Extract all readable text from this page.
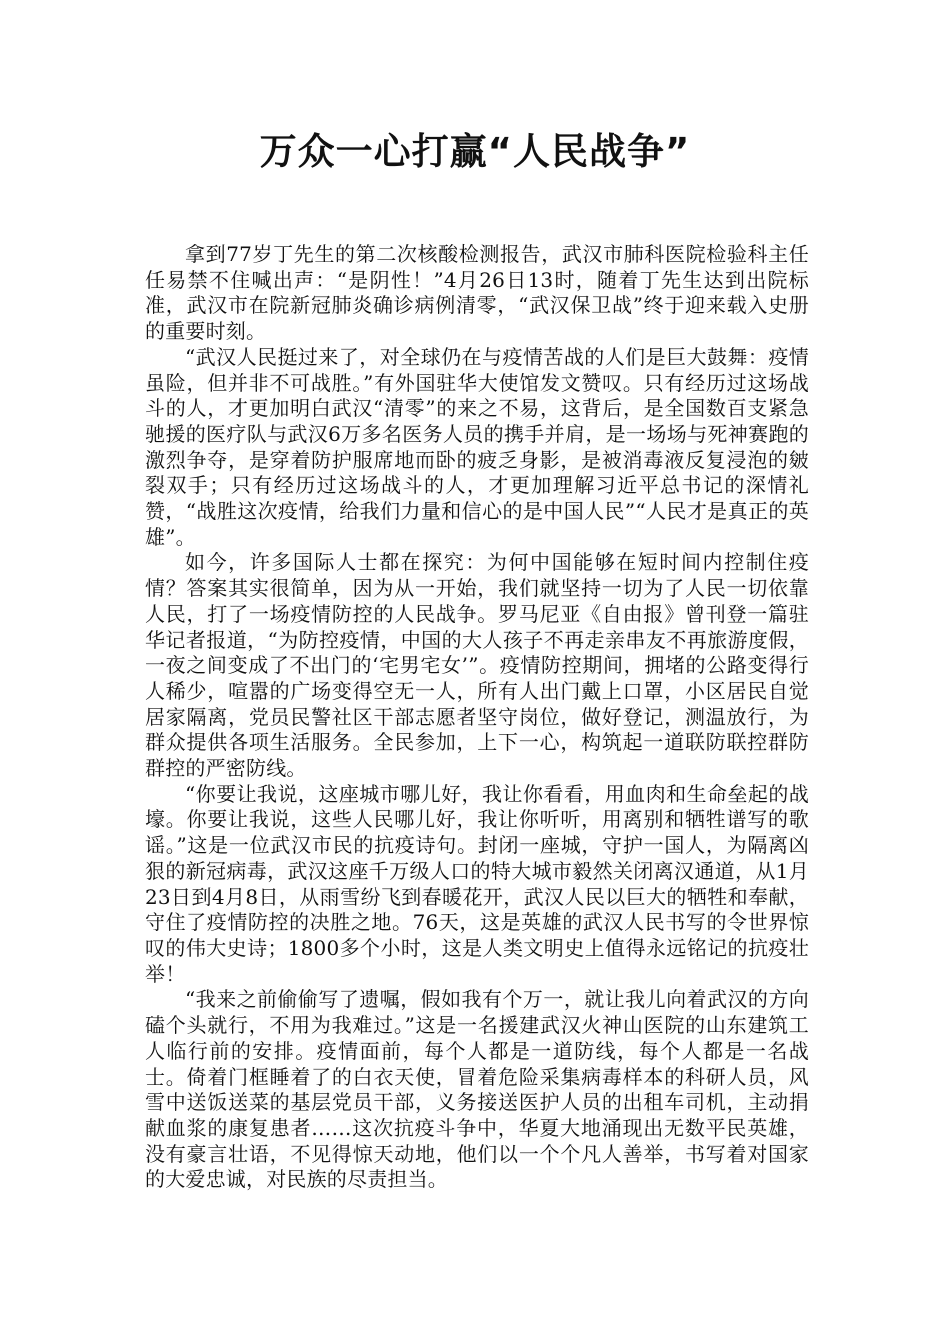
万众一心打赢“人民战争”

拿到77岁丁先生的第二次核酸检测报告，武汉市肺科医院检验科主任任易禁不住喊出声：“是阴性！”4月26日13时，随着丁先生达到出院标准，武汉市在院新冠肺炎确诊病例清零，“武汉保卫战”终于迎来载入史册的重要时刻。

“武汉人民挺过来了，对全球仍在与疫情苦战的人们是巨大鼓舞：疫情虽险，但并非不可战胜。”有外国驻华大使馆发文赞叹。只有经历过这场战斗的人，才更加明白武汉“清零”的来之不易，这背后，是全国数百支紧急驰援的医疗队与武汉6万多名医务人员的携手并肩，是一场场与死神赛跑的激烈争夺，是穿着防护服席地而卧的疲乏身影，是被消毒液反复浸泡的皴裂双手；只有经历过这场战斗的人，才更加理解习近平总书记的深情礼赞，“战胜这次疫情，给我们力量和信心的是中国人民”“人民才是真正的英雄”。

如今，许多国际人士都在探究：为何中国能够在短时间内控制住疫情？答案其实很简单，因为从一开始，我们就坚持一切为了人民一切依靠人民，打了一场疫情防控的人民战争。罗马尼亚《自由报》曾刊登一篇驻华记者报道，“为防控疫情，中国的大人孩子不再走亲串友不再旅游度假，一夜之间变成了不出门的‘宅男宅女’”。疫情防控期间，拥堵的公路变得行人稀少，喧嚣的广场变得空无一人，所有人出门戴上口罩，小区居民自觉居家隔离，党员民警社区干部志愿者坚守岗位，做好登记，测温放行，为群众提供各项生活服务。全民参加，上下一心，构筑起一道联防联控群防群控的严密防线。

“你要让我说，这座城市哪儿好，我让你看看，用血肉和生命垒起的战壕。你要让我说，这些人民哪儿好，我让你听听，用离别和牺牲谱写的歌谣。”这是一位武汉市民的抗疫诗句。封闭一座城，守护一国人，为隔离凶狠的新冠病毒，武汉这座千万级人口的特大城市毅然关闭离汉通道，从1月23日到4月8日，从雨雪纷飞到春暖花开，武汉人民以巨大的牺牲和奉献，守住了疫情防控的决胜之地。76天，这是英雄的武汉人民书写的令世界惊叹的伟大史诗；1800多个小时，这是人类文明史上值得永远铭记的抗疫壮举！

“我来之前偷偷写了遗嘱，假如我有个万一，就让我儿向着武汉的方向磕个头就行，不用为我难过。”这是一名援建武汉火神山医院的山东建筑工人临行前的安排。疫情面前，每个人都是一道防线，每个人都是一名战士。倚着门框睡着了的白衣天使，冒着危险采集病毒样本的科研人员，风雪中送饭送菜的基层党员干部，义务接送医护人员的出租车司机，主动捐献血浆的康复患者……这次抗疫斗争中，华夏大地涌现出无数平民英雄，没有豪言壮语，不见得惊天动地，他们以一个个凡人善举，书写着对国家的大爱忠诚，对民族的尽责担当。
